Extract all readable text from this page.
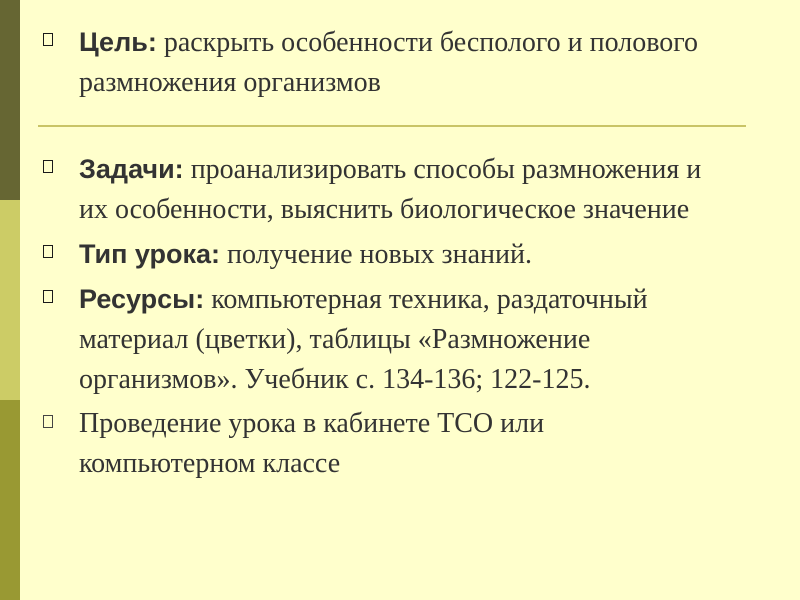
Цель: раскрыть особенности бесполого и полового размножения организмов
Задачи: проанализировать способы размножения и их особенности, выяснить биологическое значение
Тип урока: получение новых знаний.
Ресурсы: компьютерная техника, раздаточный материал (цветки), таблицы «Размножение организмов». Учебник с. 134-136; 122-125.
Проведение урока в кабинете ТСО или компьютерном классе
